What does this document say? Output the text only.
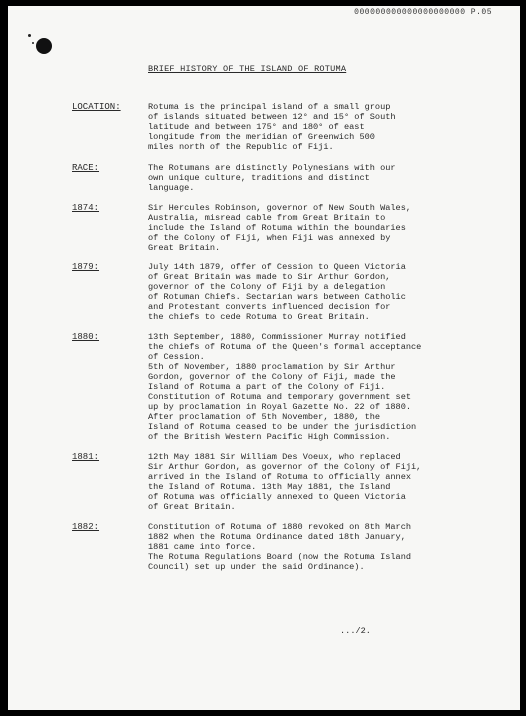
000000000000000000000 P.05
BRIEF HISTORY OF THE ISLAND OF ROTUMA
LOCATION:	Rotuma is the principal island of a small group
of islands situated between 12° and 15° of South
latitude and between 175° and 180° of east
longitude from the meridian of Greenwich 500
miles north of the Republic of Fiji.
RACE:	The Rotumans are distinctly Polynesians with our
own unique culture, traditions and distinct
language.
1874:	Sir Hercules Robinson, governor of New South Wales,
Australia, misread cable from Great Britain to
include the Island of Rotuma within the boundaries
of the Colony of Fiji, when Fiji was annexed by
Great Britain.
1879:	July 14th 1879, offer of Cession to Queen Victoria
of Great Britain was made to Sir Arthur Gordon,
governor of the Colony of Fiji by a delegation
of Rotuman Chiefs. Sectarian wars between Catholic
and Protestant converts influenced decision for
the chiefs to cede Rotuma to Great Britain.
1880:	13th September, 1880, Commissioner Murray notified
the chiefs of Rotuma of the Queen's formal acceptance
of Cession.
5th of November, 1880 proclamation by Sir Arthur
Gordon, governor of the Colony of Fiji, made the
Island of Rotuma a part of the Colony of Fiji.
Constitution of Rotuma and temporary government set
up by proclamation in Royal Gazette No. 22 of 1880.
After proclamation of 5th November, 1880, the
Island of Rotuma ceased to be under the jurisdiction
of the British Western Pacific High Commission.
1881:	12th May 1881 Sir William Des Voeux, who replaced
Sir Arthur Gordon, as governor of the Colony of Fiji,
arrived in the Island of Rotuma to officially annex
the Island of Rotuma. 13th May 1881, the Island
of Rotuma was officially annexed to Queen Victoria
of Great Britain.
1882:	Constitution of Rotuma of 1880 revoked on 8th March
1882 when the Rotuma Ordinance dated 18th January,
1881 came into force.
The Rotuma Regulations Board (now the Rotuma Island
Council) set up under the said Ordinance).
.../2.
